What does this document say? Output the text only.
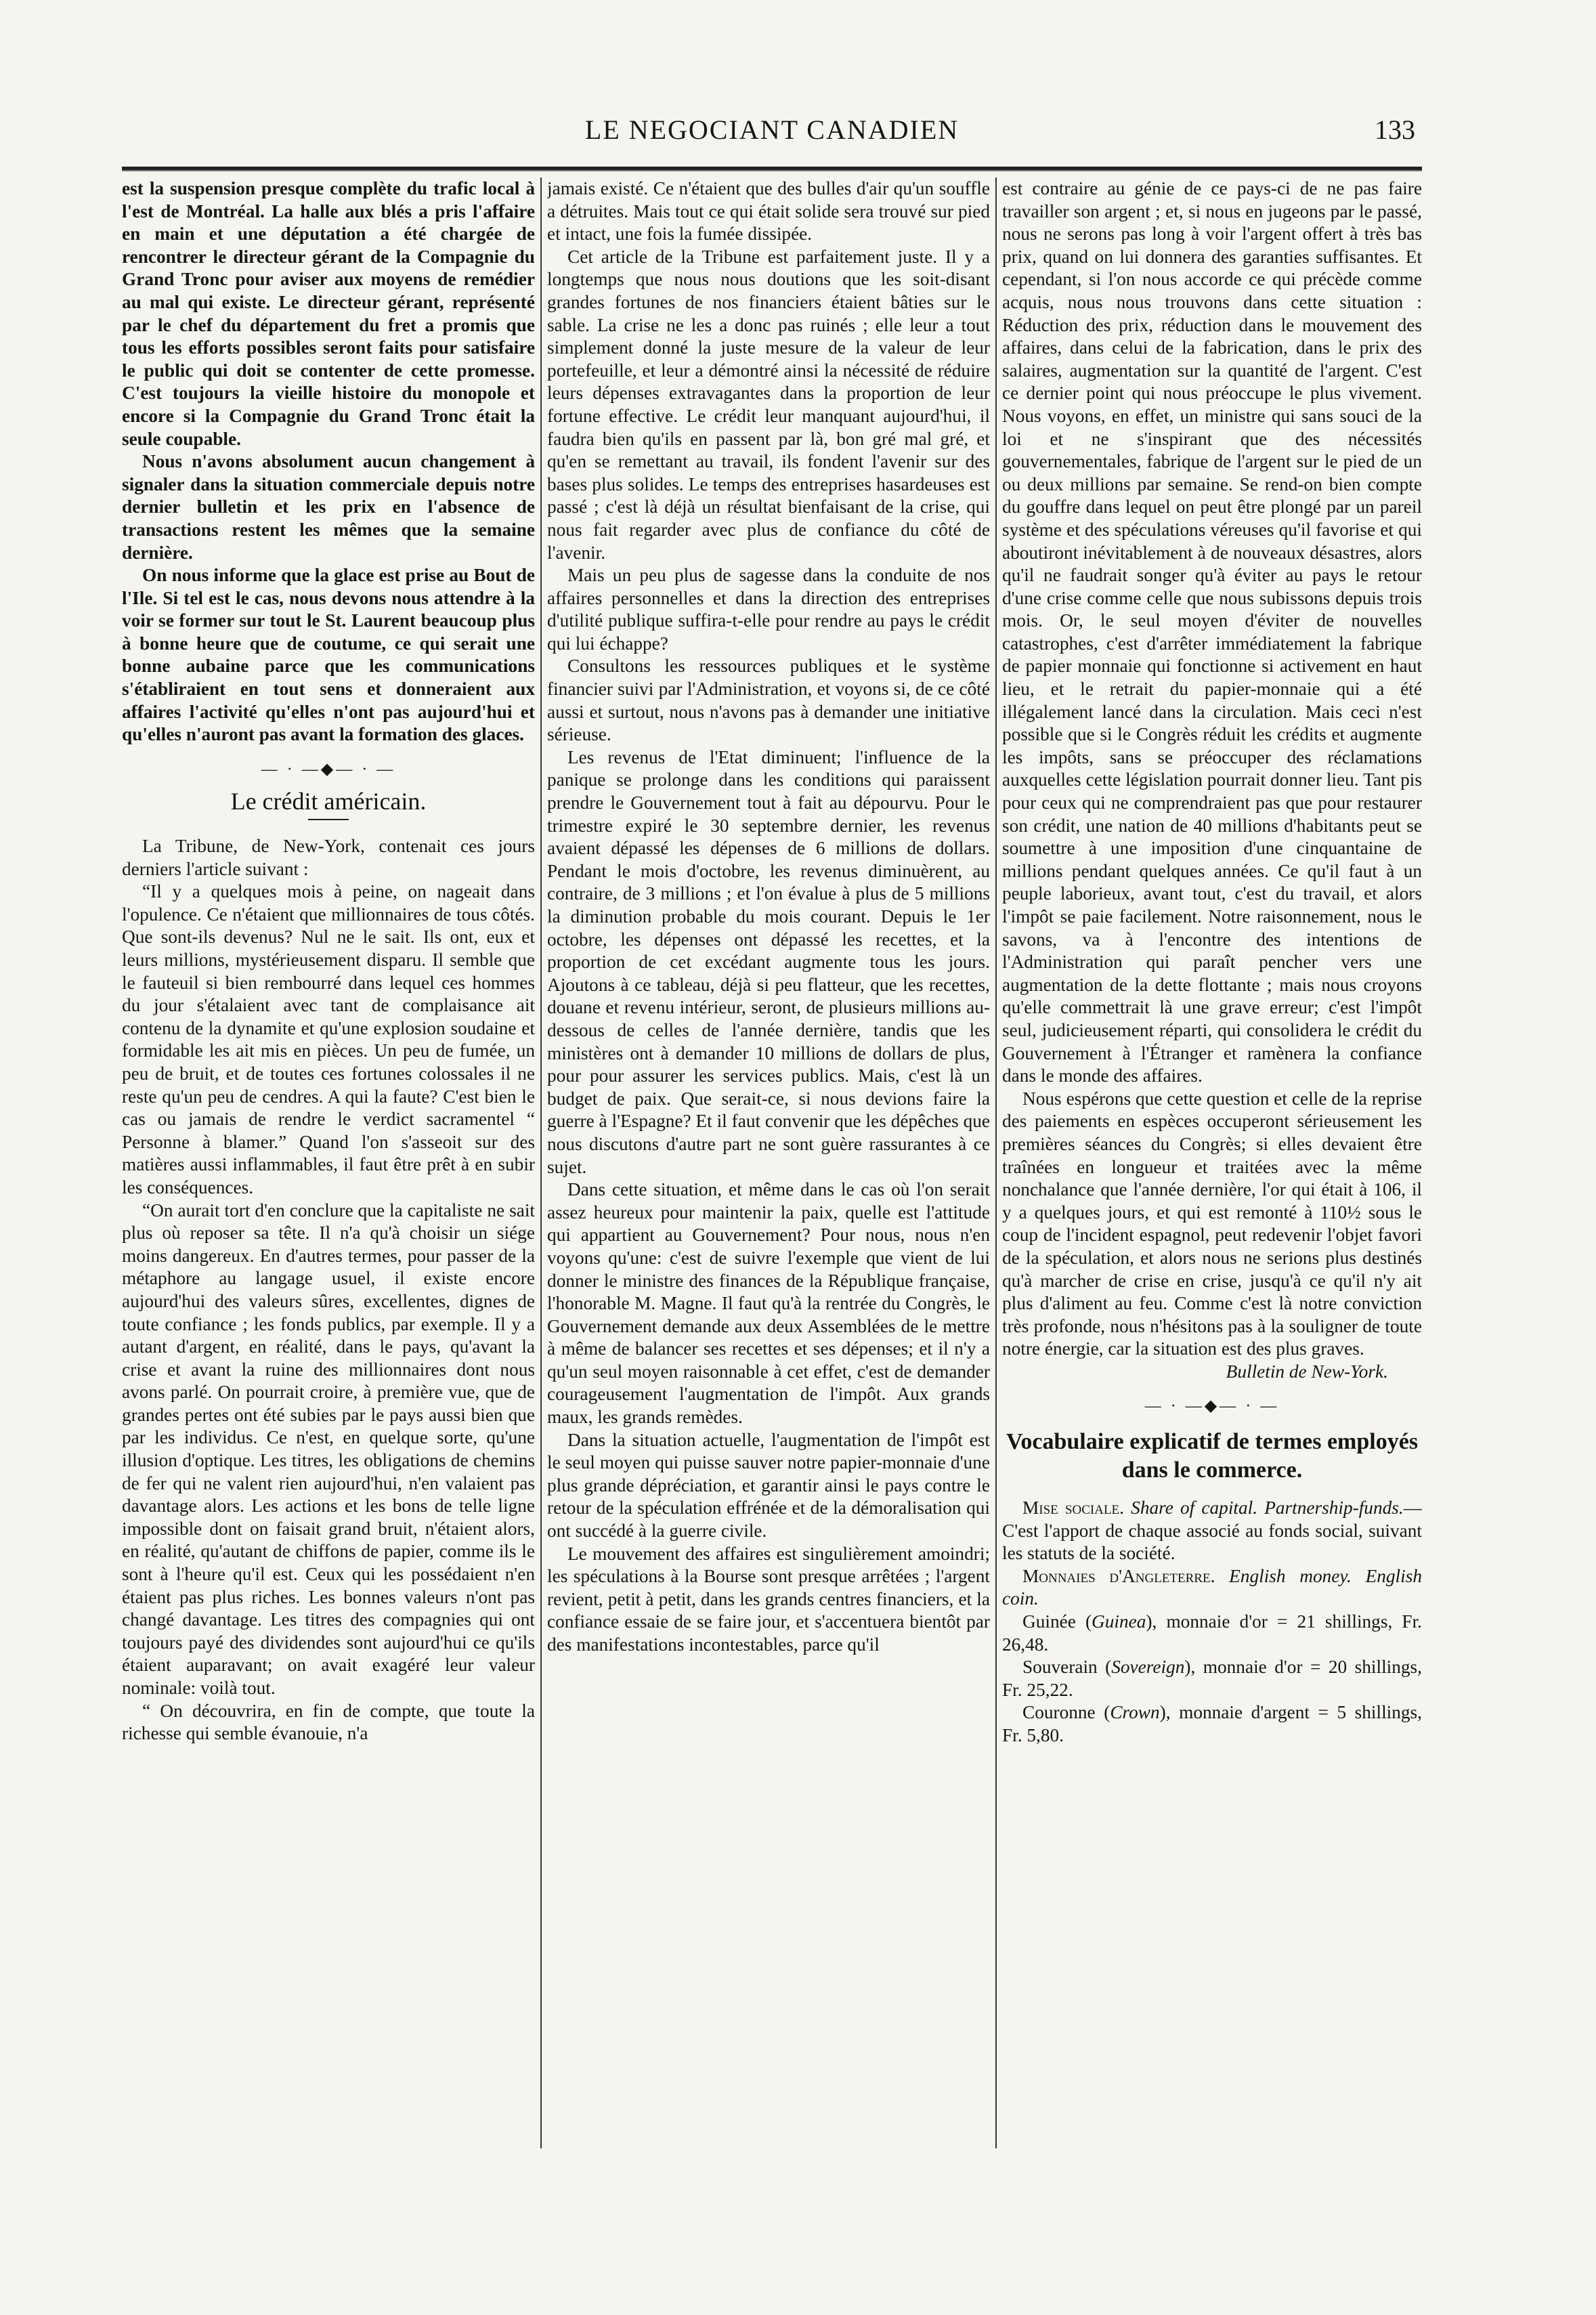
LE NEGOCIANT CANADIEN	133

est la suspension presque complète du trafic local à l'est de Montréal. La halle aux blés a pris l'affaire en main et une députation a été chargée de rencontrer le directeur gérant de la Compagnie du Grand Tronc pour aviser aux moyens de remédier au mal qui existe. Le directeur gérant, représenté par le chef du département du fret a promis que tous les efforts possibles seront faits pour satisfaire le public qui doit se contenter de cette promesse. C'est toujours la vieille histoire du monopole et encore si la Compagnie du Grand Tronc était la seule coupable.

Nous n'avons absolument aucun changement à signaler dans la situation commerciale depuis notre dernier bulletin et les prix en l'absence de transactions restent les mêmes que la semaine dernière.

On nous informe que la glace est prise au Bout de l'Ile. Si tel est le cas, nous devons nous attendre à la voir se former sur tout le St. Laurent beaucoup plus à bonne heure que de coutume, ce qui serait une bonne aubaine parce que les communications s'établiraient en tout sens et donneraient aux affaires l'activité qu'elles n'ont pas aujourd'hui et qu'elles n'auront pas avant la formation des glaces.

— · —◆— · —
Le crédit américain.

La Tribune, de New-York, contenait ces jours derniers l'article suivant :

“Il y a quelques mois à peine, on nageait dans l'opulence. Ce n'étaient que millionnaires de tous côtés. Que sont-ils devenus? Nul ne le sait. Ils ont, eux et leurs millions, mystérieusement disparu. Il semble que le fauteuil si bien rembourré dans lequel ces hommes du jour s'étalaient avec tant de complaisance ait contenu de la dynamite et qu'une explosion soudaine et formidable les ait mis en pièces. Un peu de fumée, un peu de bruit, et de toutes ces fortunes colossales il ne reste qu'un peu de cendres. A qui la faute? C'est bien le cas ou jamais de rendre le verdict sacramentel “ Personne à blamer.” Quand l'on s'asseoit sur des matières aussi inflammables, il faut être prêt à en subir les conséquences.

“On aurait tort d'en conclure que la capitaliste ne sait plus où reposer sa tête. Il n'a qu'à choisir un siége moins dangereux. En d'autres termes, pour passer de la métaphore au langage usuel, il existe encore aujourd'hui des valeurs sûres, excellentes, dignes de toute confiance ; les fonds publics, par exemple. Il y a autant d'argent, en réalité, dans le pays, qu'avant la crise et avant la ruine des millionnaires dont nous avons parlé. On pourrait croire, à première vue, que de grandes pertes ont été subies par le pays aussi bien que par les individus. Ce n'est, en quelque sorte, qu'une illusion d'optique. Les titres, les obligations de chemins de fer qui ne valent rien aujourd'hui, n'en valaient pas davantage alors. Les actions et les bons de telle ligne impossible dont on faisait grand bruit, n'étaient alors, en réalité, qu'autant de chiffons de papier, comme ils le sont à l'heure qu'il est. Ceux qui les possédaient n'en étaient pas plus riches. Les bonnes valeurs n'ont pas changé davantage. Les titres des compagnies qui ont toujours payé des dividendes sont aujourd'hui ce qu'ils étaient auparavant; on avait exagéré leur valeur nominale: voilà tout.

“ On découvrira, en fin de compte, que toute la richesse qui semble évanouie, n'a

jamais existé. Ce n'étaient que des bulles d'air qu'un souffle a détruites. Mais tout ce qui était solide sera trouvé sur pied et intact, une fois la fumée dissipée.

Cet article de la Tribune est parfaitement juste. Il y a longtemps que nous nous doutions que les soit-disant grandes fortunes de nos financiers étaient bâties sur le sable. La crise ne les a donc pas ruinés ; elle leur a tout simplement donné la juste mesure de la valeur de leur portefeuille, et leur a démontré ainsi la nécessité de réduire leurs dépenses extravagantes dans la proportion de leur fortune effective. Le crédit leur manquant aujourd'hui, il faudra bien qu'ils en passent par là, bon gré mal gré, et qu'en se remettant au travail, ils fondent l'avenir sur des bases plus solides. Le temps des entreprises hasardeuses est passé ; c'est là déjà un résultat bienfaisant de la crise, qui nous fait regarder avec plus de confiance du côté de l'avenir.

Mais un peu plus de sagesse dans la conduite de nos affaires personnelles et dans la direction des entreprises d'utilité publique suffira-t-elle pour rendre au pays le crédit qui lui échappe?

Consultons les ressources publiques et le système financier suivi par l'Administration, et voyons si, de ce côté aussi et surtout, nous n'avons pas à demander une initiative sérieuse.

Les revenus de l'Etat diminuent; l'influence de la panique se prolonge dans les conditions qui paraissent prendre le Gouvernement tout à fait au dépourvu. Pour le trimestre expiré le 30 septembre dernier, les revenus avaient dépassé les dépenses de 6 millions de dollars. Pendant le mois d'octobre, les revenus diminuèrent, au contraire, de 3 millions ; et l'on évalue à plus de 5 millions la diminution probable du mois courant. Depuis le 1er octobre, les dépenses ont dépassé les recettes, et la proportion de cet excédant augmente tous les jours. Ajoutons à ce tableau, déjà si peu flatteur, que les recettes, douane et revenu intérieur, seront, de plusieurs millions au-dessous de celles de l'année dernière, tandis que les ministères ont à demander 10 millions de dollars de plus, pour pour assurer les services publics. Mais, c'est là un budget de paix. Que serait-ce, si nous devions faire la guerre à l'Espagne? Et il faut convenir que les dépêches que nous discutons d'autre part ne sont guère rassurantes à ce sujet.

Dans cette situation, et même dans le cas où l'on serait assez heureux pour maintenir la paix, quelle est l'attitude qui appartient au Gouvernement? Pour nous, nous n'en voyons qu'une: c'est de suivre l'exemple que vient de lui donner le ministre des finances de la République française, l'honorable M. Magne. Il faut qu'à la rentrée du Congrès, le Gouvernement demande aux deux Assemblées de le mettre à même de balancer ses recettes et ses dépenses; et il n'y a qu'un seul moyen raisonnable à cet effet, c'est de demander courageusement l'augmentation de l'impôt. Aux grands maux, les grands remèdes.

Dans la situation actuelle, l'augmentation de l'impôt est le seul moyen qui puisse sauver notre papier-monnaie d'une plus grande dépréciation, et garantir ainsi le pays contre le retour de la spéculation effrénée et de la démoralisation qui ont succédé à la guerre civile.

Le mouvement des affaires est singulièrement amoindri; les spéculations à la Bourse sont presque arrêtées ; l'argent revient, petit à petit, dans les grands centres financiers, et la confiance essaie de se faire jour, et s'accentuera bientôt par des manifestations incontestables, parce qu'il

est contraire au génie de ce pays-ci de ne pas faire travailler son argent ; et, si nous en jugeons par le passé, nous ne serons pas long à voir l'argent offert à très bas prix, quand on lui donnera des garanties suffisantes. Et cependant, si l'on nous accorde ce qui précède comme acquis, nous nous trouvons dans cette situation : Réduction des prix, réduction dans le mouvement des affaires, dans celui de la fabrication, dans le prix des salaires, augmentation sur la quantité de l'argent. C'est ce dernier point qui nous préoccupe le plus vivement. Nous voyons, en effet, un ministre qui sans souci de la loi et ne s'inspirant que des nécessités gouvernementales, fabrique de l'argent sur le pied de un ou deux millions par semaine. Se rend-on bien compte du gouffre dans lequel on peut être plongé par un pareil système et des spéculations véreuses qu'il favorise et qui aboutiront inévitablement à de nouveaux désastres, alors qu'il ne faudrait songer qu'à éviter au pays le retour d'une crise comme celle que nous subissons depuis trois mois. Or, le seul moyen d'éviter de nouvelles catastrophes, c'est d'arrêter immédiatement la fabrique de papier monnaie qui fonctionne si activement en haut lieu, et le retrait du papier-monnaie qui a été illégalement lancé dans la circulation. Mais ceci n'est possible que si le Congrès réduit les crédits et augmente les impôts, sans se préoccuper des réclamations auxquelles cette législation pourrait donner lieu. Tant pis pour ceux qui ne comprendraient pas que pour restaurer son crédit, une nation de 40 millions d'habitants peut se soumettre à une imposition d'une cinquantaine de millions pendant quelques années. Ce qu'il faut à un peuple laborieux, avant tout, c'est du travail, et alors l'impôt se paie facilement. Notre raisonnement, nous le savons, va à l'encontre des intentions de l'Administration qui paraît pencher vers une augmentation de la dette flottante ; mais nous croyons qu'elle commettrait là une grave erreur; c'est l'impôt seul, judicieusement réparti, qui consolidera le crédit du Gouvernement à l'Étranger et ramènera la confiance dans le monde des affaires.

Nous espérons que cette question et celle de la reprise des paiements en espèces occuperont sérieusement les premières séances du Congrès; si elles devaient être traînées en longueur et traitées avec la même nonchalance que l'année dernière, l'or qui était à 106, il y a quelques jours, et qui est remonté à 110½ sous le coup de l'incident espagnol, peut redevenir l'objet favori de la spéculation, et alors nous ne serions plus destinés qu'à marcher de crise en crise, jusqu'à ce qu'il n'y ait plus d'aliment au feu. Comme c'est là notre conviction très profonde, nous n'hésitons pas à la souligner de toute notre énergie, car la situation est des plus graves.

Bulletin de New-York.

— · —◆— · —
Vocabulaire explicatif de termes employés dans le commerce.

Mise sociale. Share of capital. Partnership-funds.—C'est l'apport de chaque associé au fonds social, suivant les statuts de la société.

Monnaies d'Angleterre. English money. English coin.

Guinée (Guinea), monnaie d'or = 21 shillings, Fr. 26,48.

Souverain (Sovereign), monnaie d'or = 20 shillings, Fr. 25,22.

Couronne (Crown), monnaie d'argent = 5 shillings, Fr. 5,80.
